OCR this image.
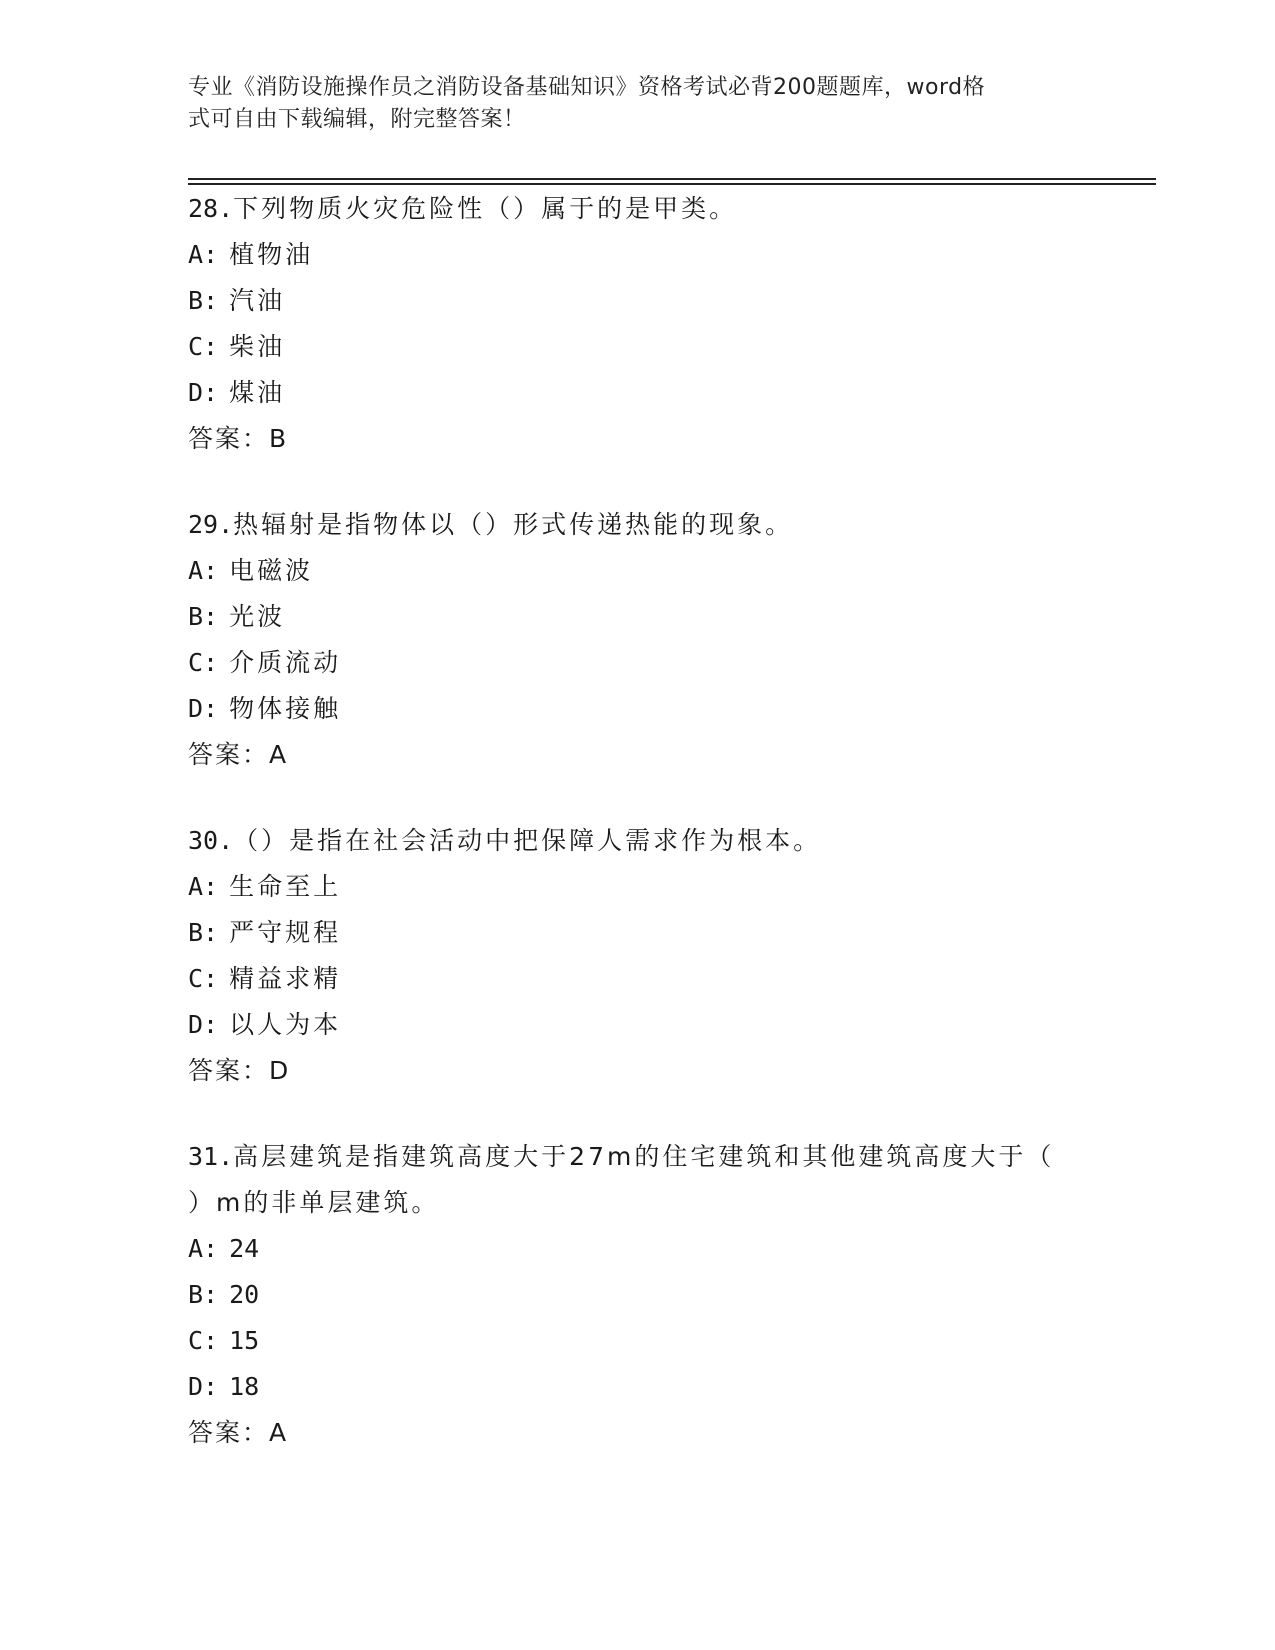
专业《消防设施操作员之消防设备基础知识》资格考试必背200题题库，word格
式可自由下载编辑，附完整答案！
28.下列物质火灾危险性（）属于的是甲类。
A: 植物油
B: 汽油
C: 柴油
D: 煤油
答案：B
29.热辐射是指物体以（）形式传递热能的现象。
A: 电磁波
B: 光波
C: 介质流动
D: 物体接触
答案：A
30.（）是指在社会活动中把保障人需求作为根本。
A: 生命至上
B: 严守规程
C: 精益求精
D: 以人为本
答案：D
31.高层建筑是指建筑高度大于27m的住宅建筑和其他建筑高度大于（
）m的非单层建筑。
A: 24
B: 20
C: 15
D: 18
答案：A
